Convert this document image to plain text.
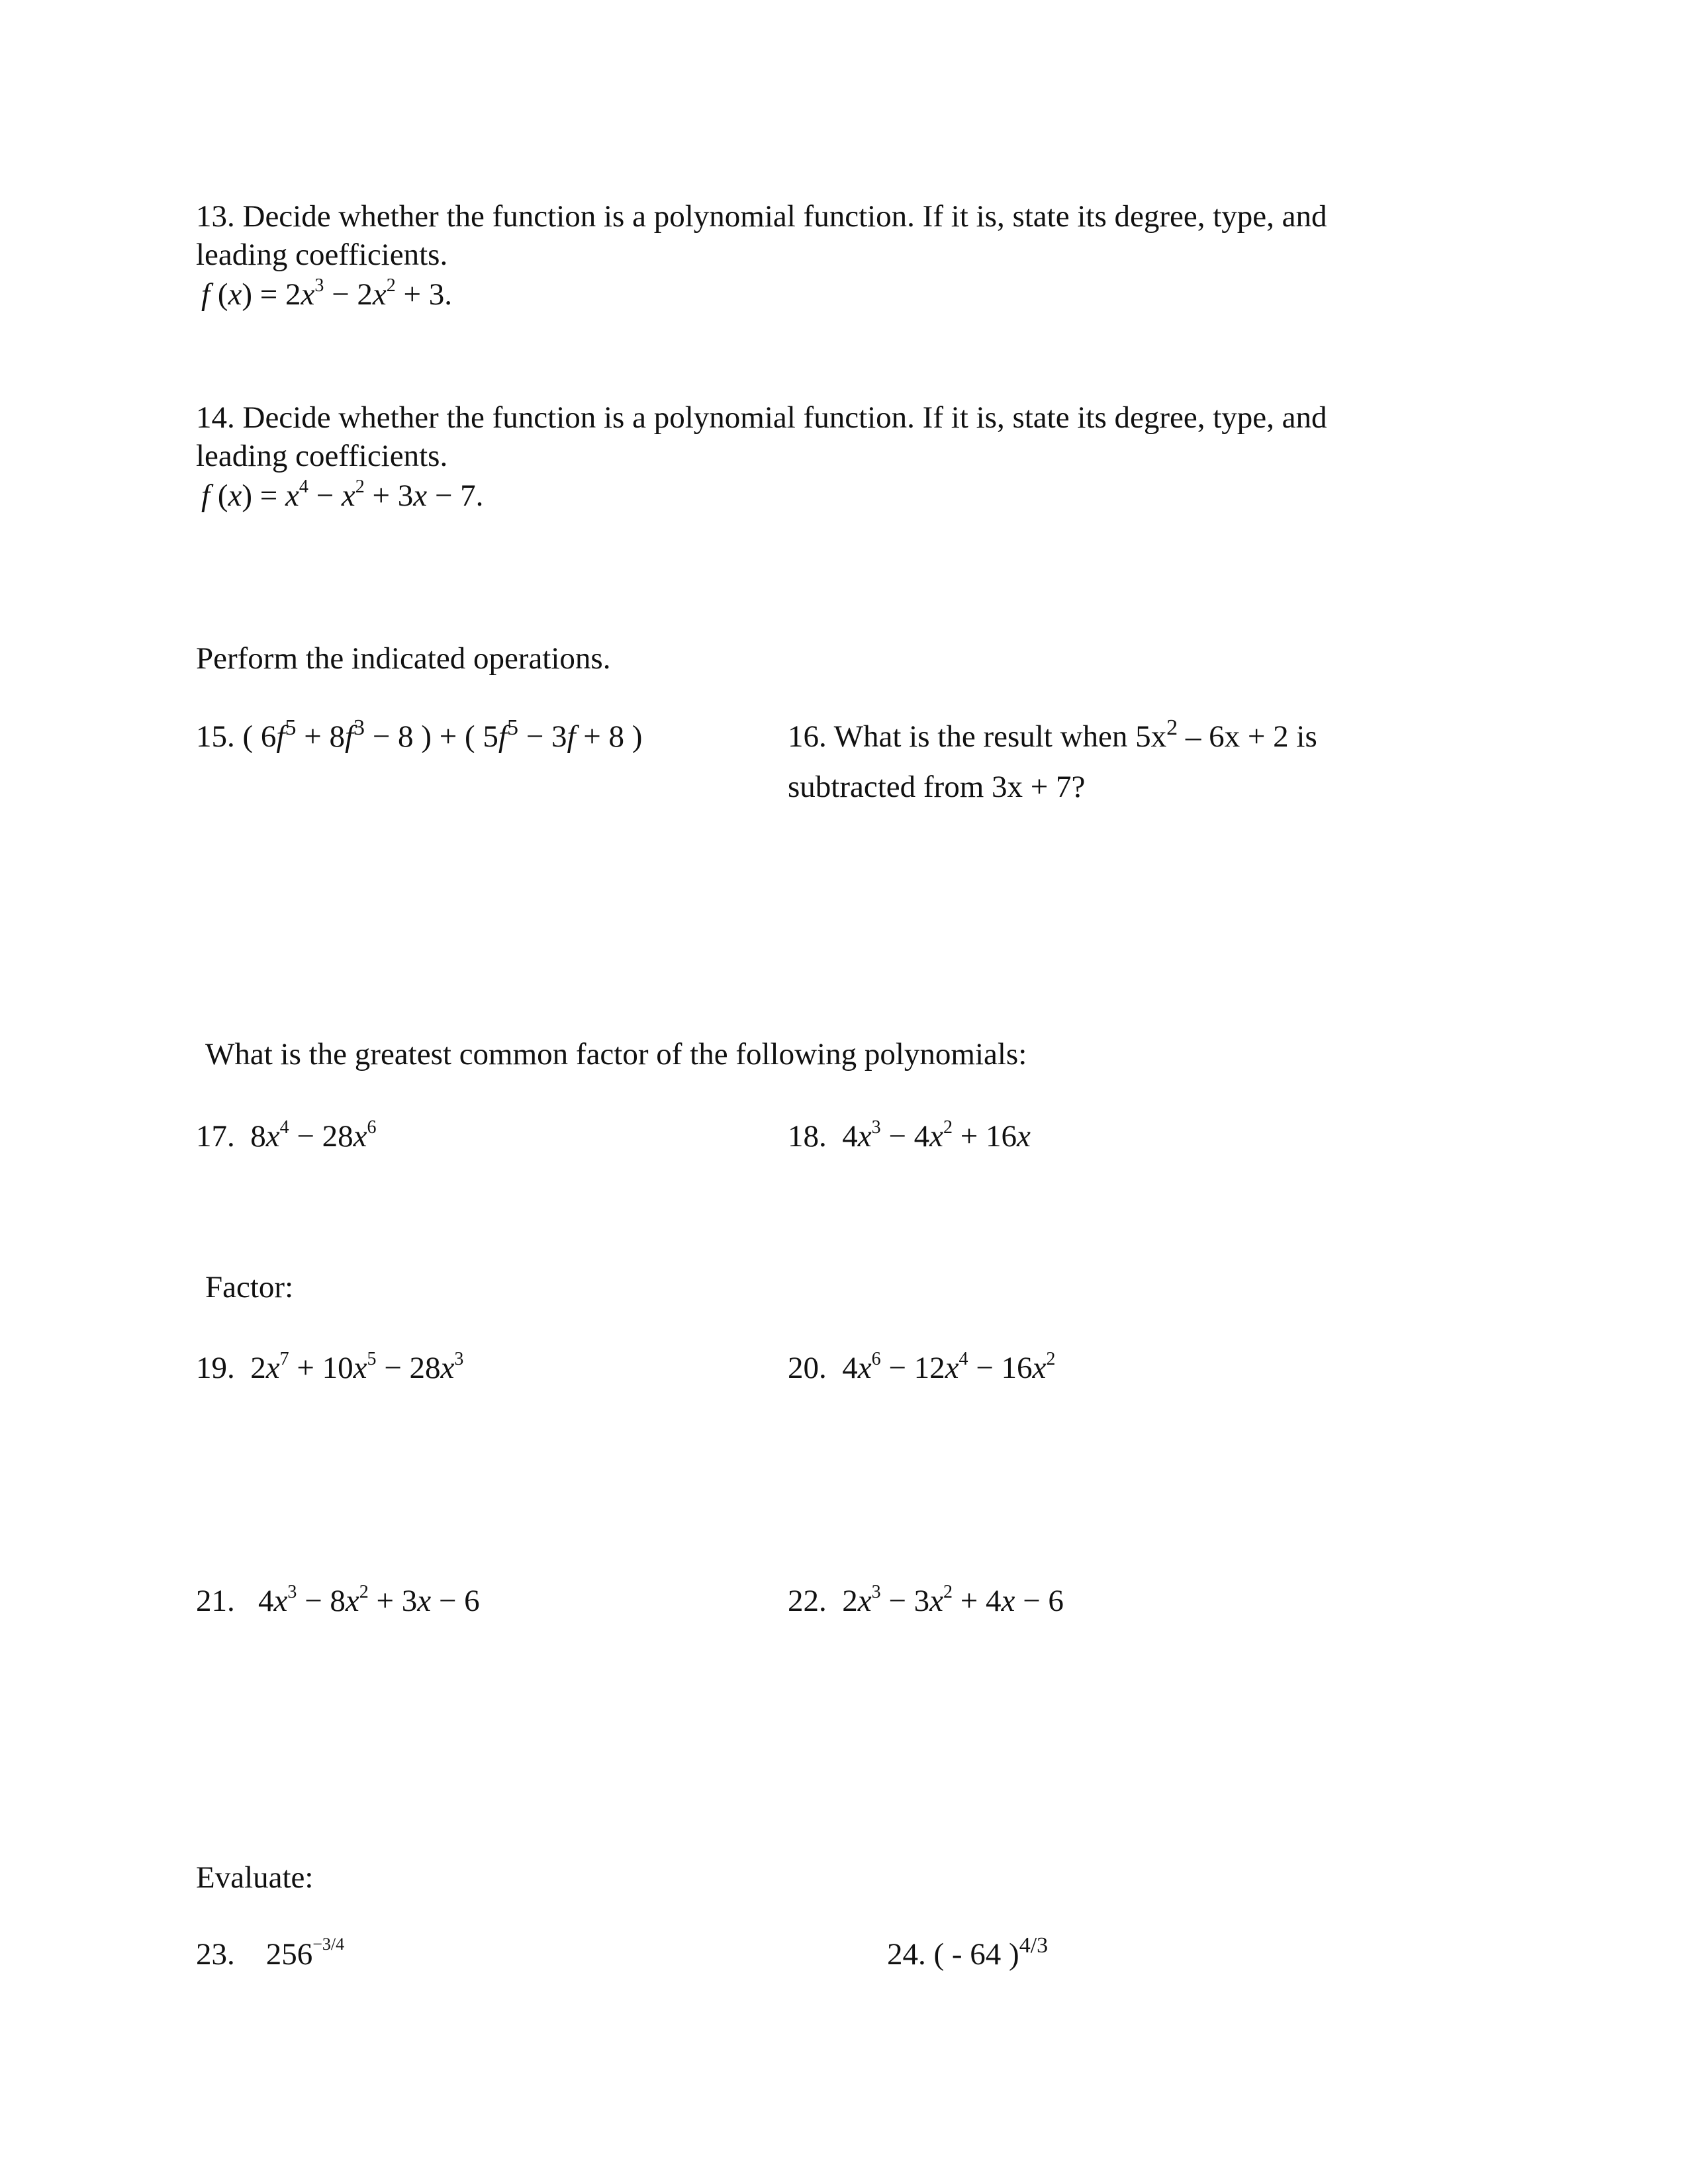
13. Decide whether the function is a polynomial function. If it is, state its degree, type, and
leading coefficients.
f $(x) = 2x^3 - 2x^2 + 3$.
14. Decide whether the function is a polynomial function. If it is, state its degree, type, and
leading coefficients.
f $(x) = x^4 - x^2 + 3x - 7$.
Perform the indicated operations.
15. ( $6f^5 + 8f^3 - 8$ ) + ( $5f^5 - 3f + 8$ )	16. What is the result when $5x^2 - 6x + 2$ is
subtracted from 3x + 7?
What is the greatest common factor of the following polynomials:
17.  $8x^4 - 28x^6$	18.  $4x^3 - 4x^2 + 16x$
Factor:
19.  $2x^7 + 10x^5 - 28x^3$	20.  $4x^6 - 12x^4 - 16x^2$
21.   $4x^3 - 8x^2 + 3x - 6$	22.  $2x^3 - 3x^2 + 4x - 6$
Evaluate:
23. $256^{-3/4}$	24. ( - 64 )$^{4/3}$
